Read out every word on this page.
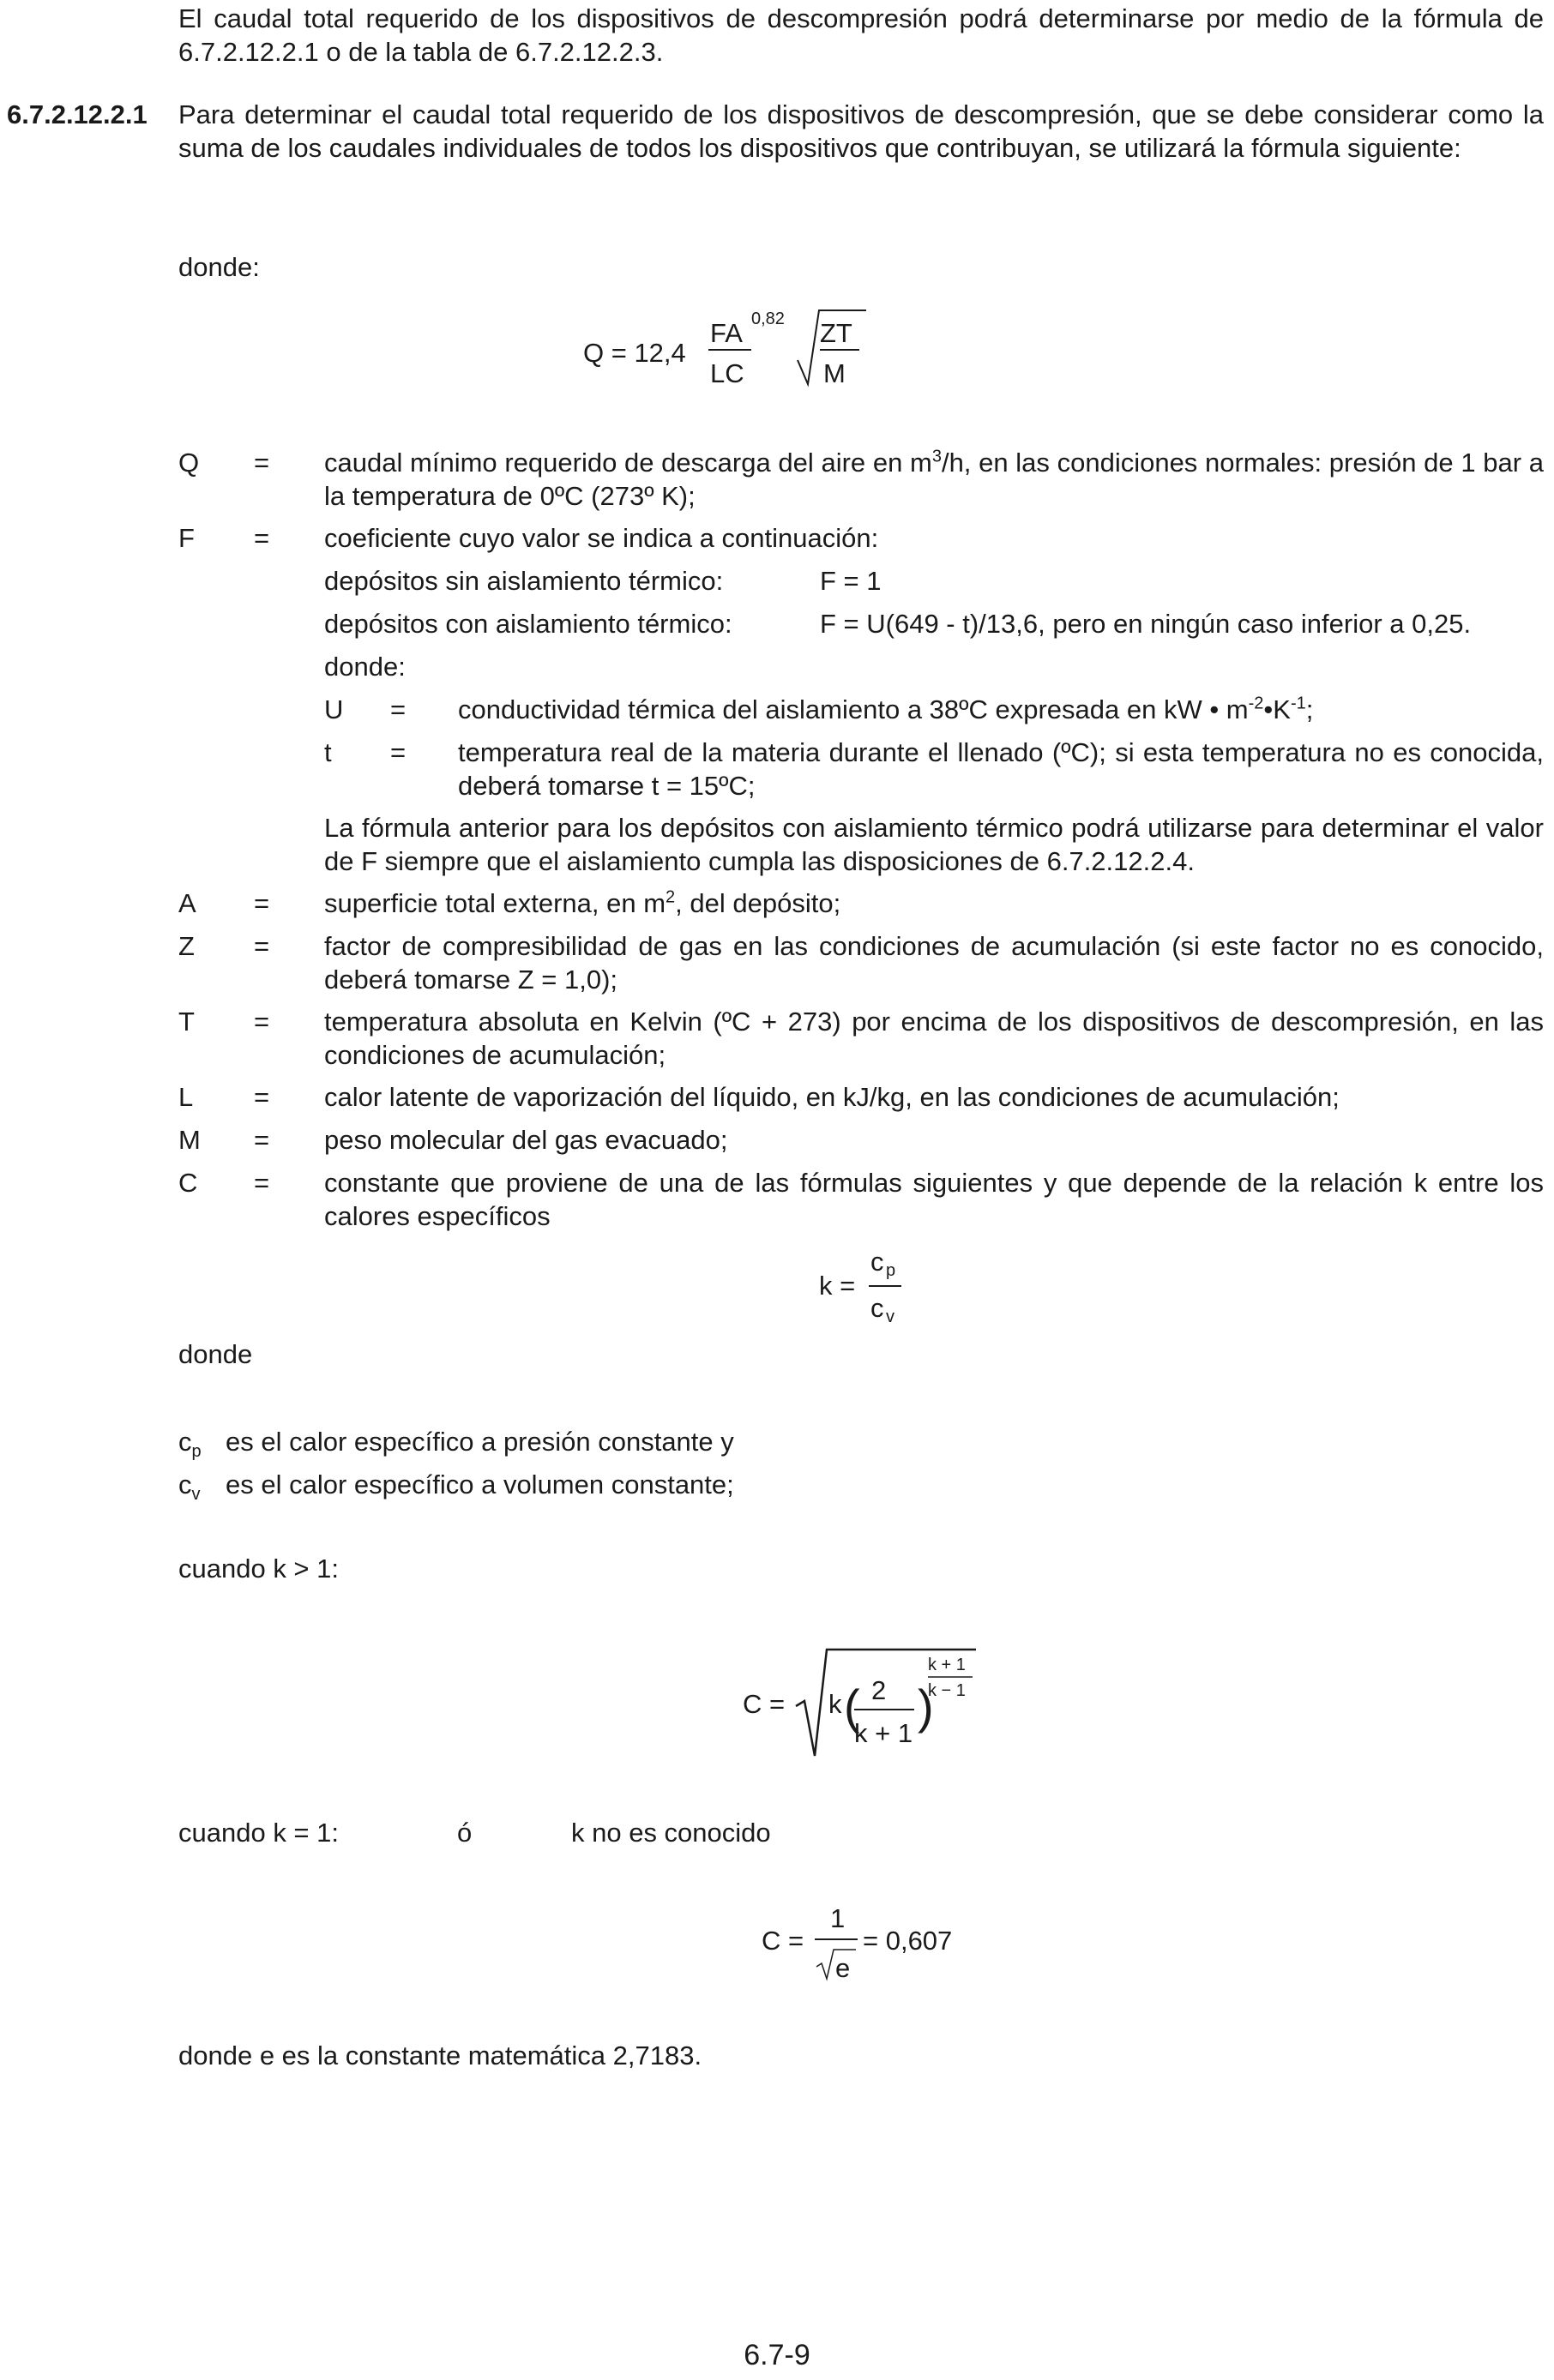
El caudal total requerido de los dispositivos de descompresión podrá determinarse por medio de la fórmula de 6.7.2.12.2.1 o de la tabla de 6.7.2.12.2.3.
6.7.2.12.2.1 Para determinar el caudal total requerido de los dispositivos de descompresión, que se debe considerar como la suma de los caudales individuales de todos los dispositivos que contribuyan, se utilizará la fórmula siguiente:
donde:
Q = 12,4
FA 0,82
LC
ZT
M
Q = caudal mínimo requerido de descarga del aire en $m^3/h$, en las condiciones normales: presión de 1 bar a la temperatura de 0ºC (273º K);
F = coeficiente cuyo valor se indica a continuación:
depósitos sin aislamiento térmico:	F = 1
depósitos con aislamiento térmico:	F = U(649 - t)/13,6, pero en ningún caso inferior a 0,25.
donde:
U = conductividad térmica del aislamiento a 38ºC expresada en kW • $m^{-2}•K^{-1}$;
t = temperatura real de la materia durante el llenado (ºC); si esta temperatura no es conocida, deberá tomarse t = 15ºC;
La fórmula anterior para los depósitos con aislamiento térmico podrá utilizarse para determinar el valor de F siempre que el aislamiento cumpla las disposiciones de 6.7.2.12.2.4.
A = superficie total externa, en $m^2$, del depósito;
Z = factor de compresibilidad de gas en las condiciones de acumulación (si este factor no es conocido, deberá tomarse Z = 1,0);
T = temperatura absoluta en Kelvin (ºC + 273) por encima de los dispositivos de descompresión, en las condiciones de acumulación;
L = calor latente de vaporización del líquido, en kJ/kg, en las condiciones de acumulación;
M = peso molecular del gas evacuado;
C = constante que proviene de una de las fórmulas siguientes y que depende de la relación k entre los calores específicos
k =
c p
c v
donde
$c_p$ es el calor específico a presión constante y
$c_v$ es el calor específico a volumen constante;
cuando k > 1:
C = k ( 2
k + 1 )
k + 1
k − 1
cuando k = 1:	ó	k no es conocido
C =
1
e
= 0,607
donde e es la constante matemática 2,7183.
6.7-9
